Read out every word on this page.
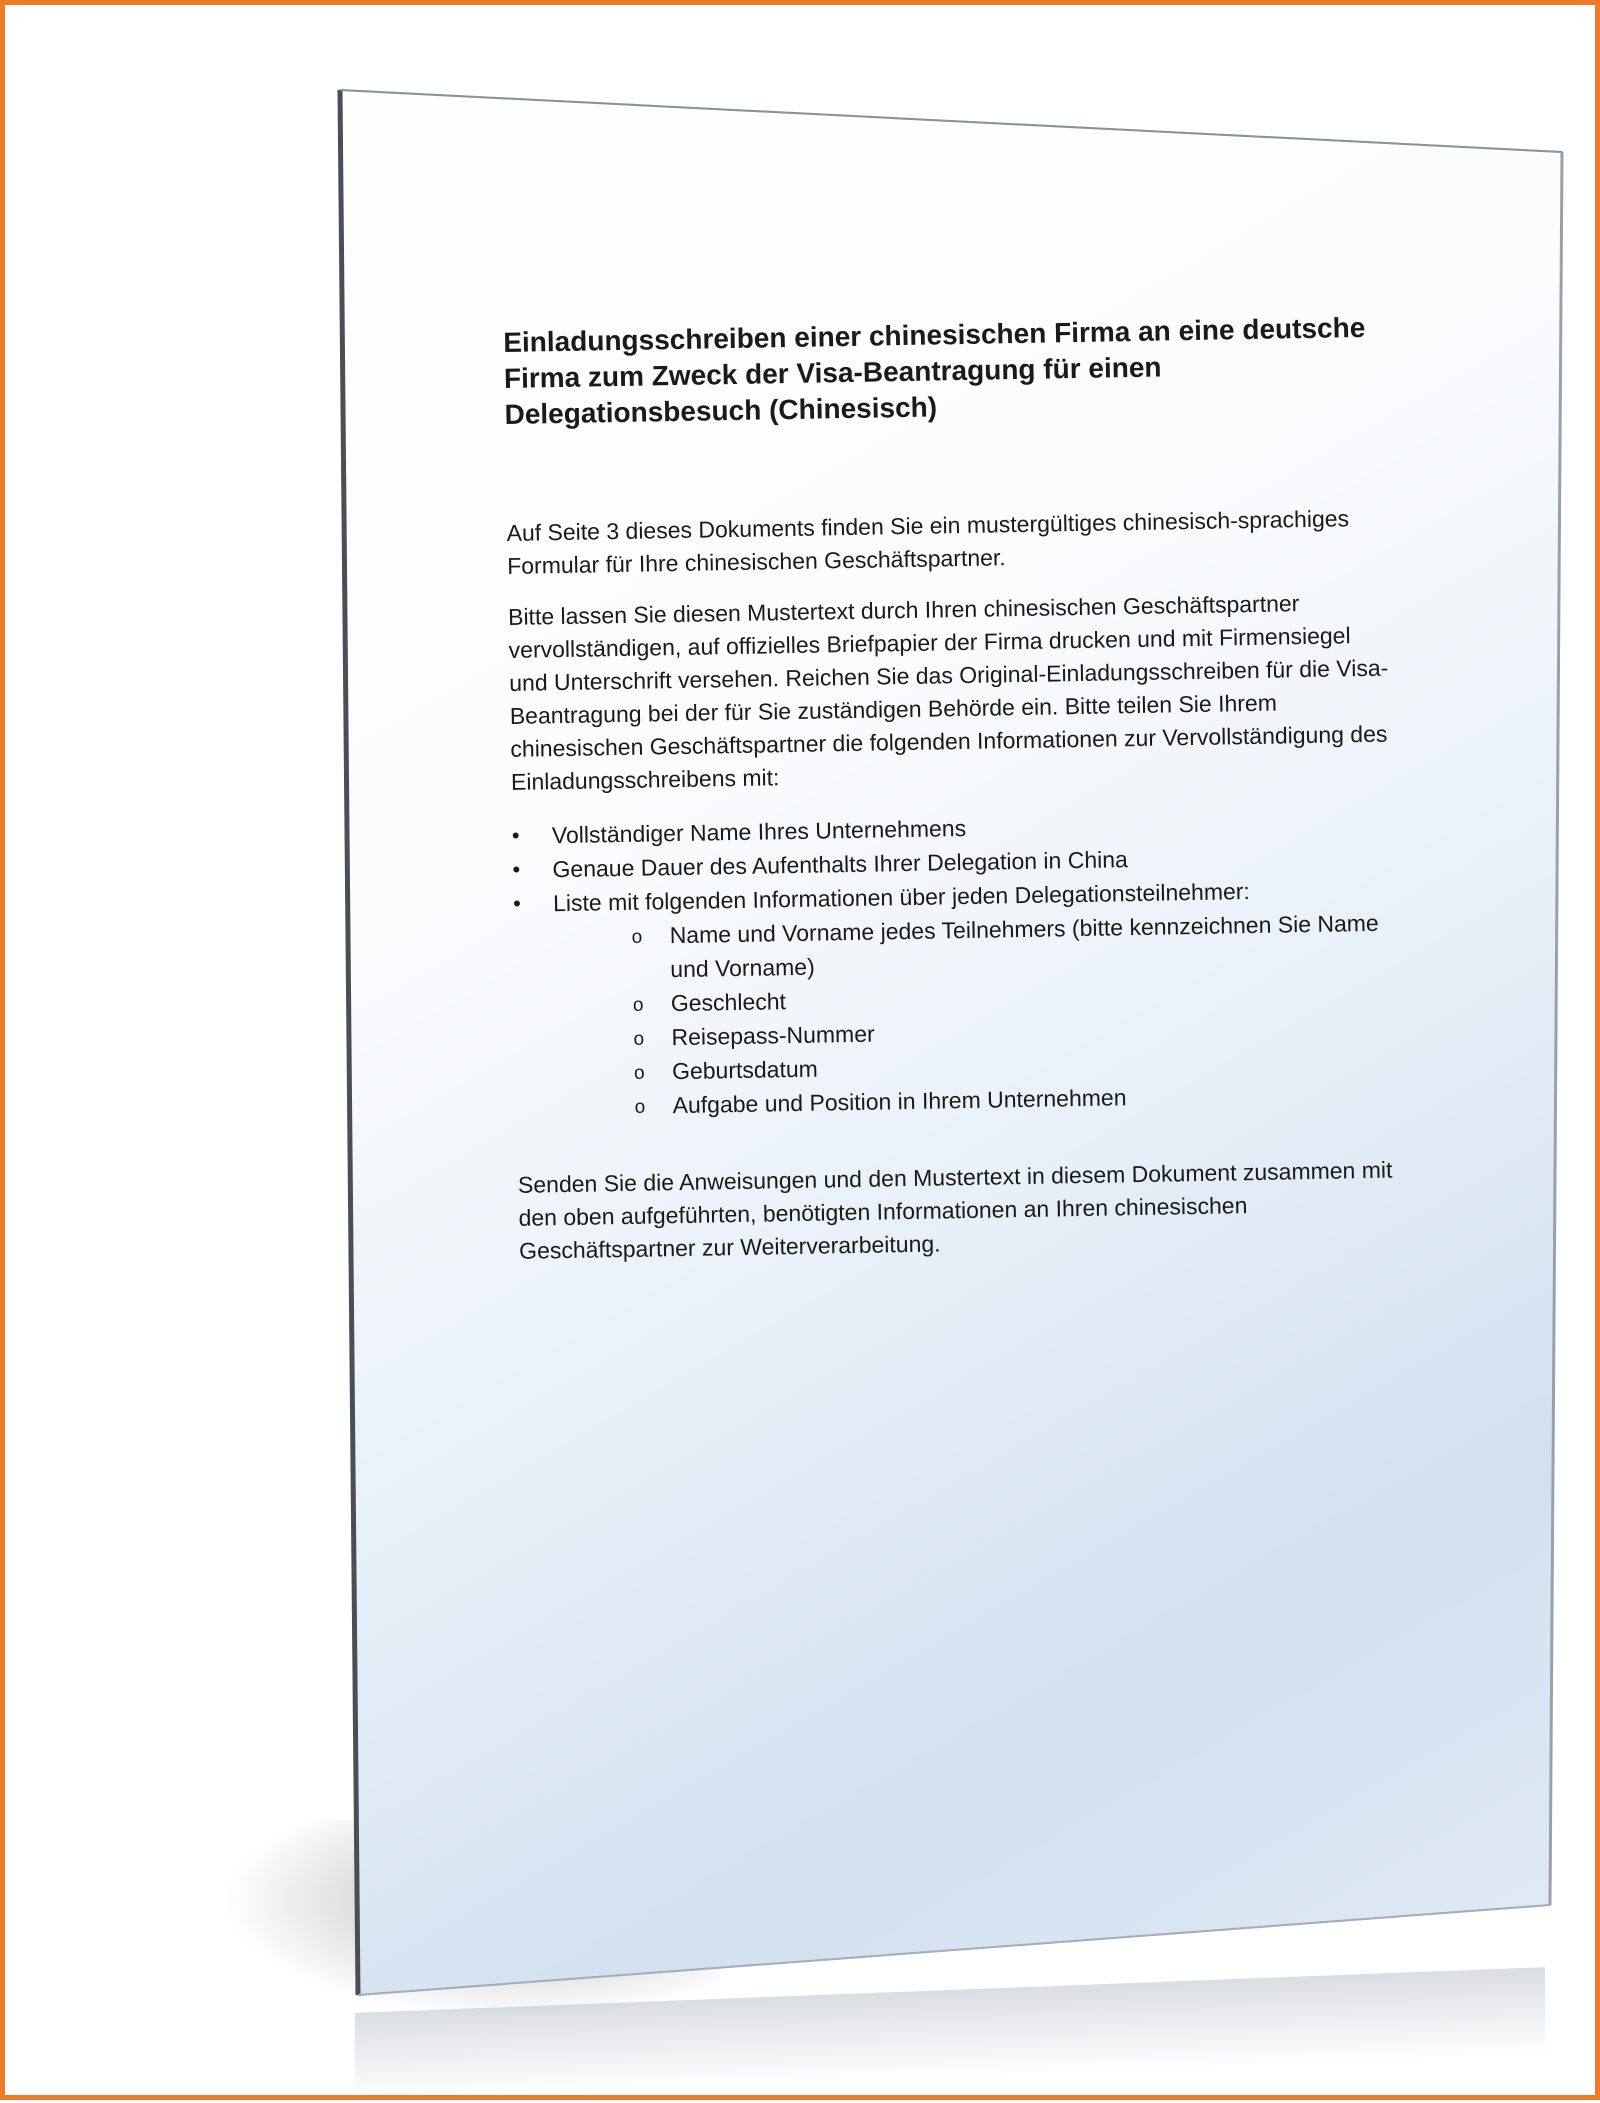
Einladungsschreiben einer chinesischen Firma an eine deutsche Firma zum Zweck der Visa-Beantragung für einen Delegationsbesuch (Chinesisch)

Auf Seite 3 dieses Dokuments finden Sie ein mustergültiges chinesisch-sprachiges Formular für Ihre chinesischen Geschäftspartner.

Bitte lassen Sie diesen Mustertext durch Ihren chinesischen Geschäftspartner vervollständigen, auf offizielles Briefpapier der Firma drucken und mit Firmensiegel und Unterschrift versehen. Reichen Sie das Original-Einladungsschreiben für die Visa-Beantragung bei der für Sie zuständigen Behörde ein. Bitte teilen Sie Ihrem chinesischen Geschäftspartner die folgenden Informationen zur Vervollständigung des Einladungsschreibens mit:

• Vollständiger Name Ihres Unternehmens
• Genaue Dauer des Aufenthalts Ihrer Delegation in China
• Liste mit folgenden Informationen über jeden Delegationsteilnehmer:
o Name und Vorname jedes Teilnehmers (bitte kennzeichnen Sie Name und Vorname)
o Geschlecht
o Reisepass-Nummer
o Geburtsdatum
o Aufgabe und Position in Ihrem Unternehmen

Senden Sie die Anweisungen und den Mustertext in diesem Dokument zusammen mit den oben aufgeführten, benötigten Informationen an Ihren chinesischen Geschäftspartner zur Weiterverarbeitung.
